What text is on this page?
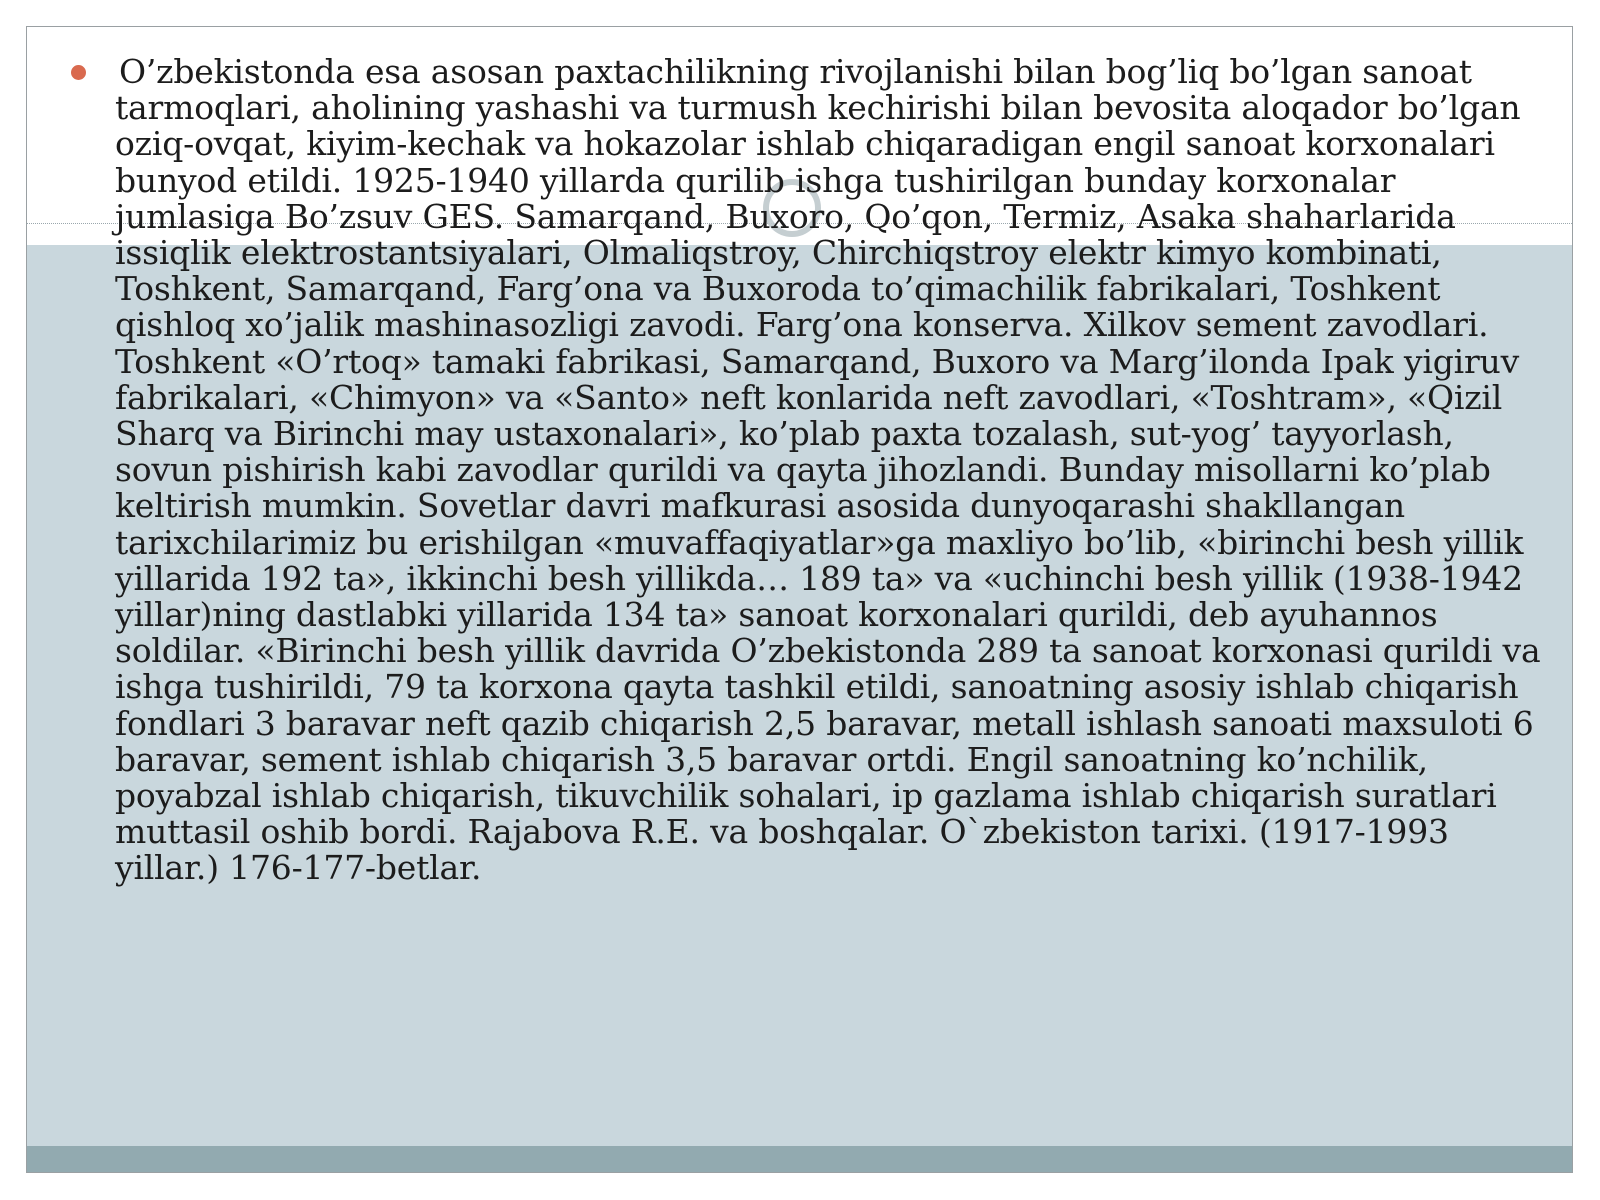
O’zbekistonda esa asosan paxtachilikning rivojlanishi bilan bog’liq bo’lgan sanoat tarmoqlari, aholining yashashi va turmush kechirishi bilan bevosita aloqador bo’lgan oziq-ovqat, kiyim-kechak va hokazolar ishlab chiqaradigan engil sanoat korxonalari bunyod etildi. 1925-1940 yillarda qurilib ishga tushirilgan bunday korxonalar jumlasiga Bo’zsuv GES. Samarqand, Buxoro, Qo’qon, Termiz, Asaka shaharlarida issiqlik elektrostantsiyalari, Olmaliqstroy, Chirchiqstroy elektr kimyo kombinati, Toshkent, Samarqand, Farg’ona va Buxoroda to’qimachilik fabrikalari, Toshkent qishloq xo’jalik mashinasozligi zavodi. Farg’ona konserva. Xilkov sement zavodlari. Toshkent «O’rtoq» tamaki fabrikasi, Samarqand, Buxoro va Marg’ilonda Ipak yigiruv fabrikalari, «Chimyon» va «Santo» neft konlarida neft zavodlari, «Toshtram», «Qizil Sharq va Birinchi may ustaxonalari», ko’plab paxta tozalash, sut-yog’ tayyorlash, sovun pishirish kabi zavodlar qurildi va qayta jihozlandi. Bunday misollarni ko’plab keltirish mumkin. Sovetlar davri mafkurasi asosida dunyoqarashi shakllangan tarixchilarimiz bu erishilgan «muvaffaqiyatlar»ga maxliyo bo’lib, «birinchi besh yillik yillarida 192 ta», ikkinchi besh yillikda… 189 ta» va «uchinchi besh yillik (1938-1942 yillar)ning dastlabki yillarida 134 ta» sanoat korxonalari qurildi, deb ayuhannos soldilar. «Birinchi besh yillik davrida O’zbekistonda 289 ta sanoat korxonasi qurildi va ishga tushirildi, 79 ta korxona qayta tashkil etildi, sanoatning asosiy ishlab chiqarish fondlari 3 baravar neft qazib chiqarish 2,5 baravar, metall ishlash sanoati maxsuloti 6 baravar, sement ishlab chiqarish 3,5 baravar ortdi. Engil sanoatning ko’nchilik, poyabzal ishlab chiqarish, tikuvchilik sohalari, ip gazlama ishlab chiqarish suratlari muttasil oshib bordi. Rajabova R.E. va boshqalar. O`zbekiston tarixi. (1917-1993 yillar.) 176-177-betlar.
